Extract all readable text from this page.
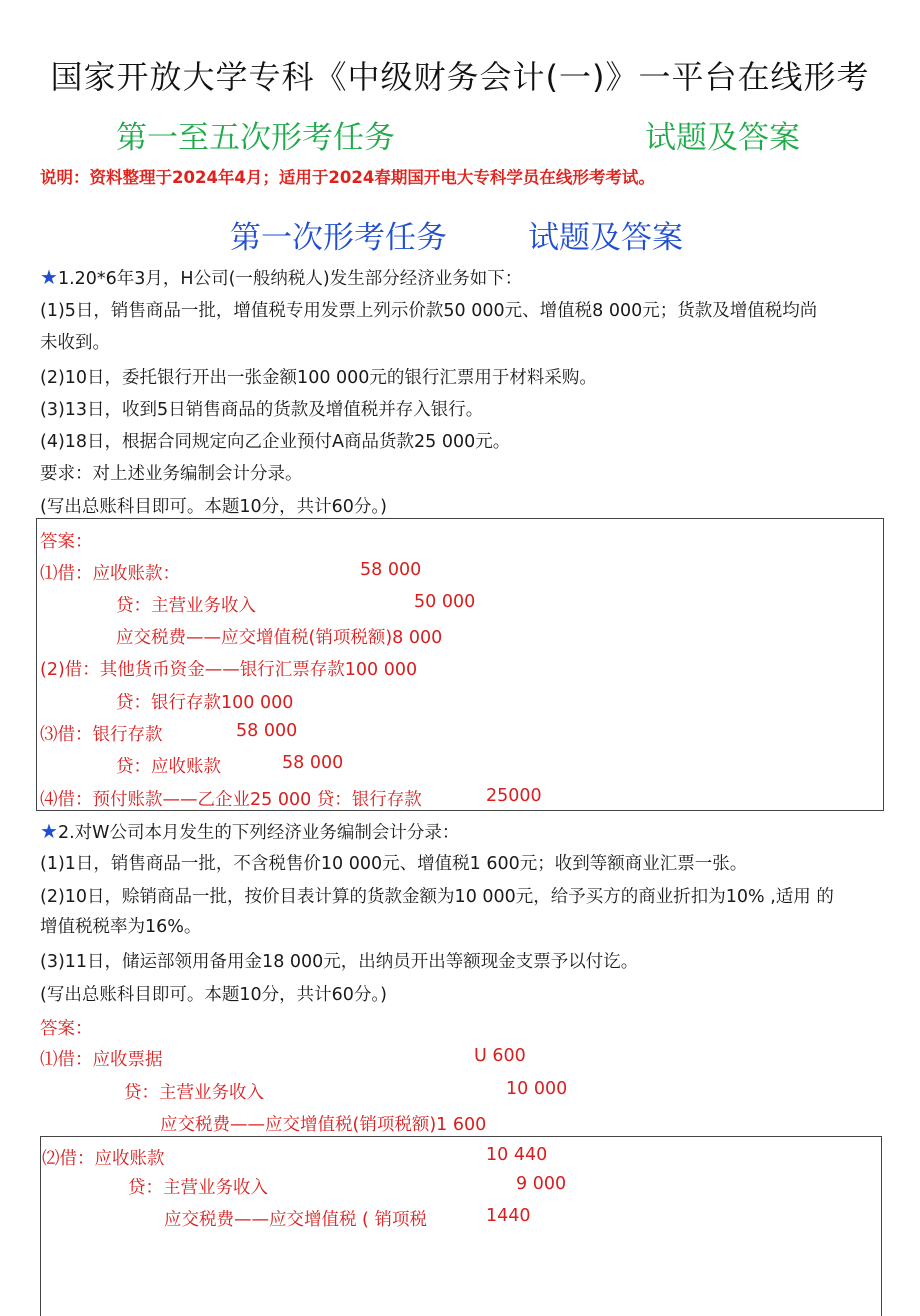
国家开放大学专科《中级财务会计(一)》一平台在线形考
第一至五次形考任务	试题及答案
说明：资料整理于2024年4月；适用于2024春期国开电大专科学员在线形考考试。
第一次形考任务	试题及答案
★1.20*6年3月，H公司(一般纳税人)发生部分经济业务如下：
(1)5日，销售商品一批，增值税专用发票上列示价款50 000元、增值税8 000元；货款及增值税均尚
未收到。
(2)10日，委托银行开出一张金额100 000元的银行汇票用于材料采购。
(3)13日，收到5日销售商品的货款及增值税并存入银行。
(4)18日，根据合同规定向乙企业预付A商品货款25 000元。
要求：对上述业务编制会计分录。
(写出总账科目即可。本题10分，共计60分。)
答案：
⑴借：应收账款：	58 000
贷：主营业务收入	50 000
应交税费——应交增值税(销项税额)8 000
(2)借：其他货币资金——银行汇票存款100 000
贷：银行存款100 000
⑶借：银行存款	58 000
贷：应收账款	58 000
⑷借：预付账款——乙企业25 000 贷：银行存款	25000
★2.对W公司本月发生的下列经济业务编制会计分录：
(1)1日，销售商品一批，不含税售价10 000元、增值税1 600元；收到等额商业汇票一张。
(2)10日，赊销商品一批，按价目表计算的货款金额为10 000元，给予买方的商业折扣为10% ,适用 的
增值税税率为16%。
(3)11日，储运部领用备用金18 000元，出纳员开出等额现金支票予以付讫。
(写出总账科目即可。本题10分，共计60分。)
答案：
⑴借：应收票据	U 600
贷：主营业务收入	10 000
应交税费——应交增值税(销项税额)1 600
⑵借：应收账款	10 440
贷：主营业务收入	9 000
应交税费——应交增值税 ( 销项税	1440
